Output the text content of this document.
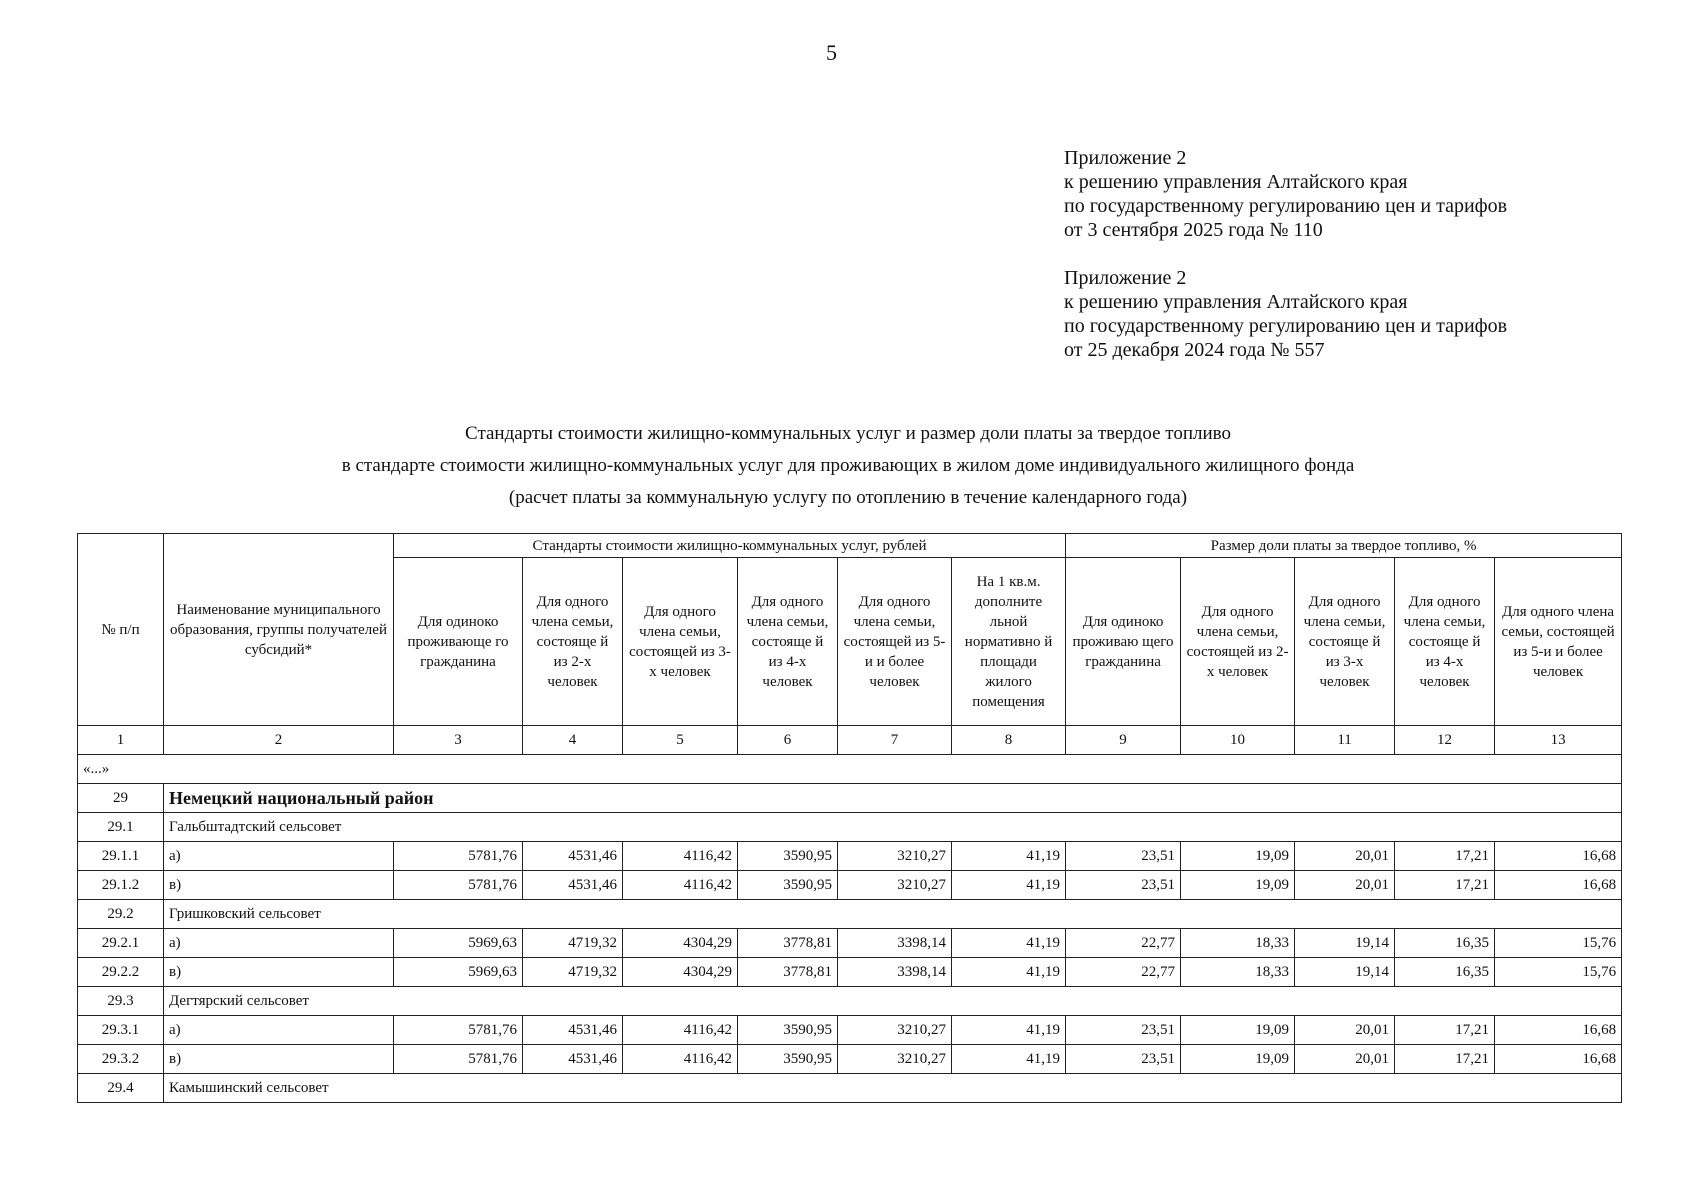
5
Приложение 2
к решению управления Алтайского края
по государственному регулированию цен и тарифов
от 3 сентября 2025 года № 110
Приложение 2
к решению управления Алтайского края
по государственному регулированию цен и тарифов
от 25 декабря 2024 года № 557
Стандарты стоимости жилищно-коммунальных услуг и размер доли платы за твердое топливо
в стандарте стоимости жилищно-коммунальных услуг для проживающих в жилом доме индивидуального жилищного фонда
(расчет платы за коммунальную услугу по отоплению в течение календарного года)
№ п/п	Наименование муниципального образования, группы получателей субсидий*	Стандарты стоимости жилищно-коммунальных услуг, рублей						Размер доли платы за твердое топливо, %				
		Для одиноко проживающе го гражданина	Для одного члена семьи, состояще й из 2-х человек	Для одного члена семьи, состоящей из 3-х человек	Для одного члена семьи, состояще й из 4-х человек	Для одного члена семьи, состоящей из 5-и и более человек	На 1 кв.м. дополните льной нормативно й площади жилого помещения	Для одиноко проживаю щего гражданина	Для одного члена семьи, состоящей из 2-х человек	Для одного члена семьи, состояще й из 3-х человек	Для одного члена семьи, состояще й из 4-х человек	Для одного члена семьи, состоящей из 5-и и более человек
1	2	3	4	5	6	7	8	9	10	11	12	13
«...»												
29	Немецкий национальный район											
29.1	Гальбштадтский сельсовет											
29.1.1	а)	5781,76	4531,46	4116,42	3590,95	3210,27	41,19	23,51	19,09	20,01	17,21	16,68
29.1.2	в)	5781,76	4531,46	4116,42	3590,95	3210,27	41,19	23,51	19,09	20,01	17,21	16,68
29.2	Гришковский сельсовет											
29.2.1	а)	5969,63	4719,32	4304,29	3778,81	3398,14	41,19	22,77	18,33	19,14	16,35	15,76
29.2.2	в)	5969,63	4719,32	4304,29	3778,81	3398,14	41,19	22,77	18,33	19,14	16,35	15,76
29.3	Дегтярский сельсовет											
29.3.1	а)	5781,76	4531,46	4116,42	3590,95	3210,27	41,19	23,51	19,09	20,01	17,21	16,68
29.3.2	в)	5781,76	4531,46	4116,42	3590,95	3210,27	41,19	23,51	19,09	20,01	17,21	16,68
29.4	Камышинский сельсовет											
